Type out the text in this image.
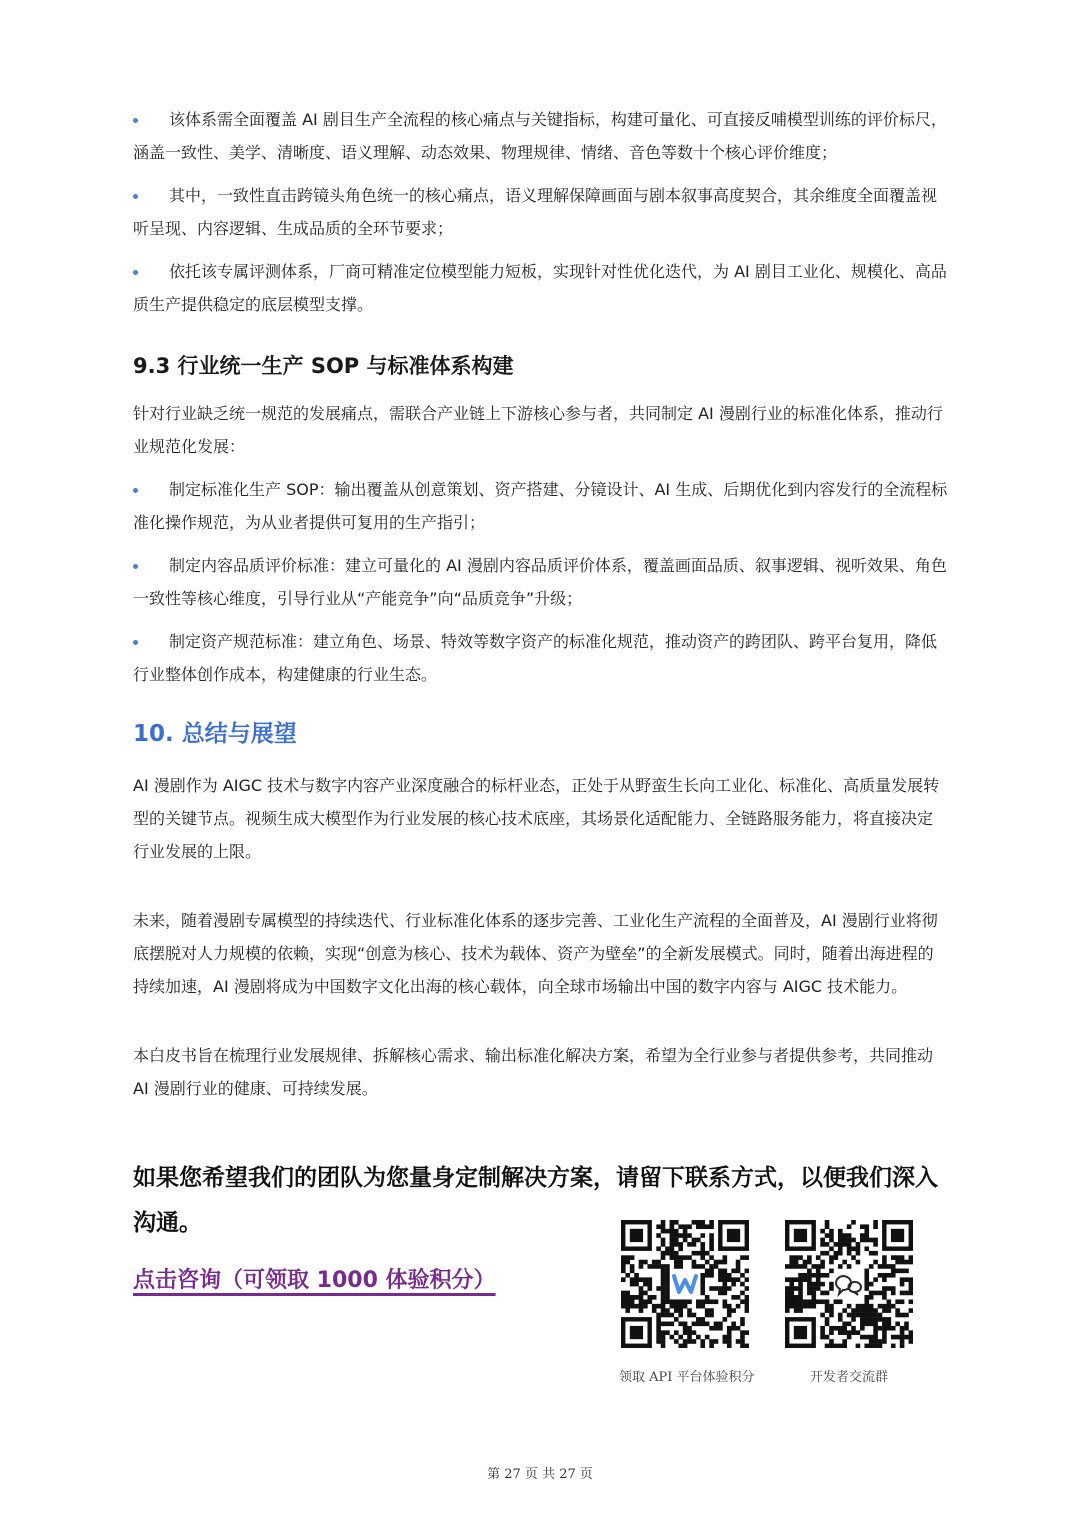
该体系需全面覆盖 AI 剧目生产全流程的核心痛点与关键指标，构建可量化、可直接反哺模型训练的评价标尺，涵盖一致性、美学、清晰度、语义理解、动态效果、物理规律、情绪、音色等数十个核心评价维度；
其中，一致性直击跨镜头角色统一的核心痛点，语义理解保障画面与剧本叙事高度契合，其余维度全面覆盖视听呈现、内容逻辑、生成品质的全环节要求；
依托该专属评测体系，厂商可精准定位模型能力短板，实现针对性优化迭代，为 AI 剧目工业化、规模化、高品质生产提供稳定的底层模型支撑。
9.3 行业统一生产 SOP 与标准体系构建
针对行业缺乏统一规范的发展痛点，需联合产业链上下游核心参与者，共同制定 AI 漫剧行业的标准化体系，推动行业规范化发展：
制定标准化生产 SOP：输出覆盖从创意策划、资产搭建、分镜设计、AI 生成、后期优化到内容发行的全流程标准化操作规范，为从业者提供可复用的生产指引；
制定内容品质评价标准：建立可量化的 AI 漫剧内容品质评价体系，覆盖画面品质、叙事逻辑、视听效果、角色一致性等核心维度，引导行业从“产能竞争”向“品质竞争”升级；
制定资产规范标准：建立角色、场景、特效等数字资产的标准化规范，推动资产的跨团队、跨平台复用，降低行业整体创作成本，构建健康的行业生态。
10. 总结与展望
AI 漫剧作为 AIGC 技术与数字内容产业深度融合的标杆业态，正处于从野蛮生长向工业化、标准化、高质量发展转型的关键节点。视频生成大模型作为行业发展的核心技术底座，其场景化适配能力、全链路服务能力，将直接决定行业发展的上限。
未来，随着漫剧专属模型的持续迭代、行业标准化体系的逐步完善、工业化生产流程的全面普及，AI 漫剧行业将彻底摆脱对人力规模的依赖，实现“创意为核心、技术为载体、资产为壁垒”的全新发展模式。同时，随着出海进程的持续加速，AI 漫剧将成为中国数字文化出海的核心载体，向全球市场输出中国的数字内容与 AIGC 技术能力。
本白皮书旨在梳理行业发展规律、拆解核心需求、输出标准化解决方案，希望为全行业参与者提供参考，共同推动 AI 漫剧行业的健康、可持续发展。
如果您希望我们的团队为您量身定制解决方案，请留下联系方式，以便我们深入沟通。
点击咨询（可领取 1000 体验积分）
领取 API 平台体验积分	开发者交流群
第 27 页 共 27 页
